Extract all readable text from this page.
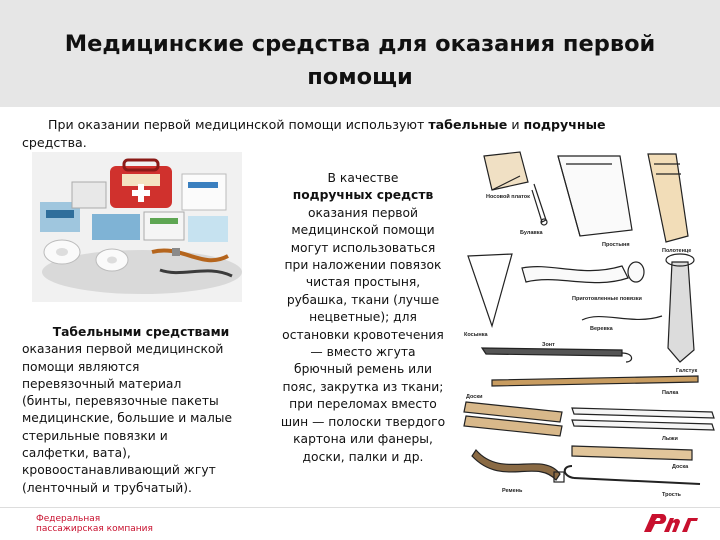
Медицинские средства для оказания первой
помощи
При оказании первой медицинской помощи используют табельные и подручные
средства.
Табельными средствами
оказания первой медицинской
помощи являются
перевязочный материал
(бинты, перевязочные пакеты
медицинские, большие и малые
стерильные повязки и
салфетки, вата),
кровоостанавливающий жгут
(ленточный и трубчатый).
В качестве
подручных средств
оказания первой
медицинской помощи
могут использоваться
при наложении повязок
чистая простыня,
рубашка, ткани (лучше
нецветные); для
остановки кровотечения
— вместо жгута
брючный ремень или
пояс, закрутка из ткани;
при переломах вместо
шин — полоски твердого
картона или фанеры,
доски, палки и др.
Носовой платок
Булавка
Простыня
Полотенце
Косынка
Приготовленные повязки
Веревка
Галстук
Зонт
Палка
Доски
Лыжи
Доска
Ремень
Трость
Федеральная
пассажирская компания
